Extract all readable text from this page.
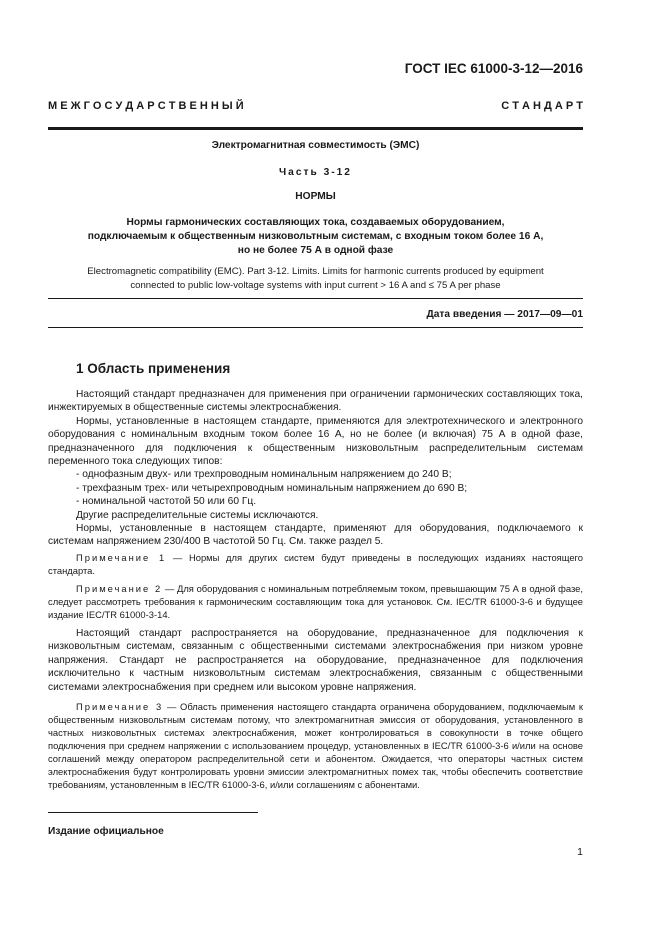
ГОСТ IEC 61000-3-12—2016
М Е Ж Г О С У Д А Р С Т В Е Н Н Ы Й	С Т А Н Д А Р Т
Электромагнитная совместимость (ЭМС)
Часть 3-12
НОРМЫ
Нормы гармонических составляющих тока, создаваемых оборудованием,
подключаемым к общественным низковольтным системам, с входным током более 16 А,
но не более 75 А в одной фазе
Electromagnetic compatibility (EMC). Part 3-12. Limits. Limits for harmonic currents produced by equipment
connected to public low-voltage systems with input current > 16 A and ≤ 75 A per phase
Дата введения — 2017—09—01
1 Область применения

Настоящий стандарт предназначен для применения при ограничении гармонических составляющих тока, инжектируемых в общественные системы электроснабжения.

Нормы, установленные в настоящем стандарте, применяются для электротехнического и электронного оборудования с номинальным входным током более 16 А, но не более (и включая) 75 А в одной фазе, предназначенного для подключения к общественным низковольтным распределительным системам переменного тока следующих типов:

- однофазным двух- или трехпроводным номинальным напряжением до 240 В;

- трехфазным трех- или четырехпроводным номинальным напряжением до 690 В;

- номинальной частотой 50 или 60 Гц.

Другие распределительные системы исключаются.

Нормы, установленные в настоящем стандарте, применяют для оборудования, подключаемого к системам напряжением 230/400 В частотой 50 Гц. См. также раздел 5.

Примечание 1 — Нормы для других систем будут приведены в последующих изданиях настоящего стандарта.

Примечание 2 — Для оборудования с номинальным потребляемым током, превышающим 75 А в одной фазе, следует рассмотреть требования к гармоническим составляющим тока для установок. См. IEC/TR 61000-3-6 и будущее издание IEC/TR 61000-3-14.

Настоящий стандарт распространяется на оборудование, предназначенное для подключения к низковольтным системам, связанным с общественными системами электроснабжения при низком уровне напряжения. Стандарт не распространяется на оборудование, предназначенное для подключения исключительно к частным низковольтным системам электроснабжения, связанным с общественными системами электроснабжения при среднем или высоком уровне напряжения.

Примечание 3 — Область применения настоящего стандарта ограничена оборудованием, подключаемым к общественным низковольтным системам потому, что электромагнитная эмиссия от оборудования, установленного в частных низковольтных системах электроснабжения, может контролироваться в совокупности в точке общего подключения при среднем напряжении с использованием процедур, установленных в IEC/TR 61000-3-6 и/или на основе соглашений между оператором распределительной сети и абонентом. Ожидается, что операторы частных систем электроснабжения будут контролировать уровни эмиссии электромагнитных помех так, чтобы обеспечить соответствие требованиям, установленным в IEC/TR 61000-3-6, и/или соглашениям с абонентами.

Издание официальное
1
